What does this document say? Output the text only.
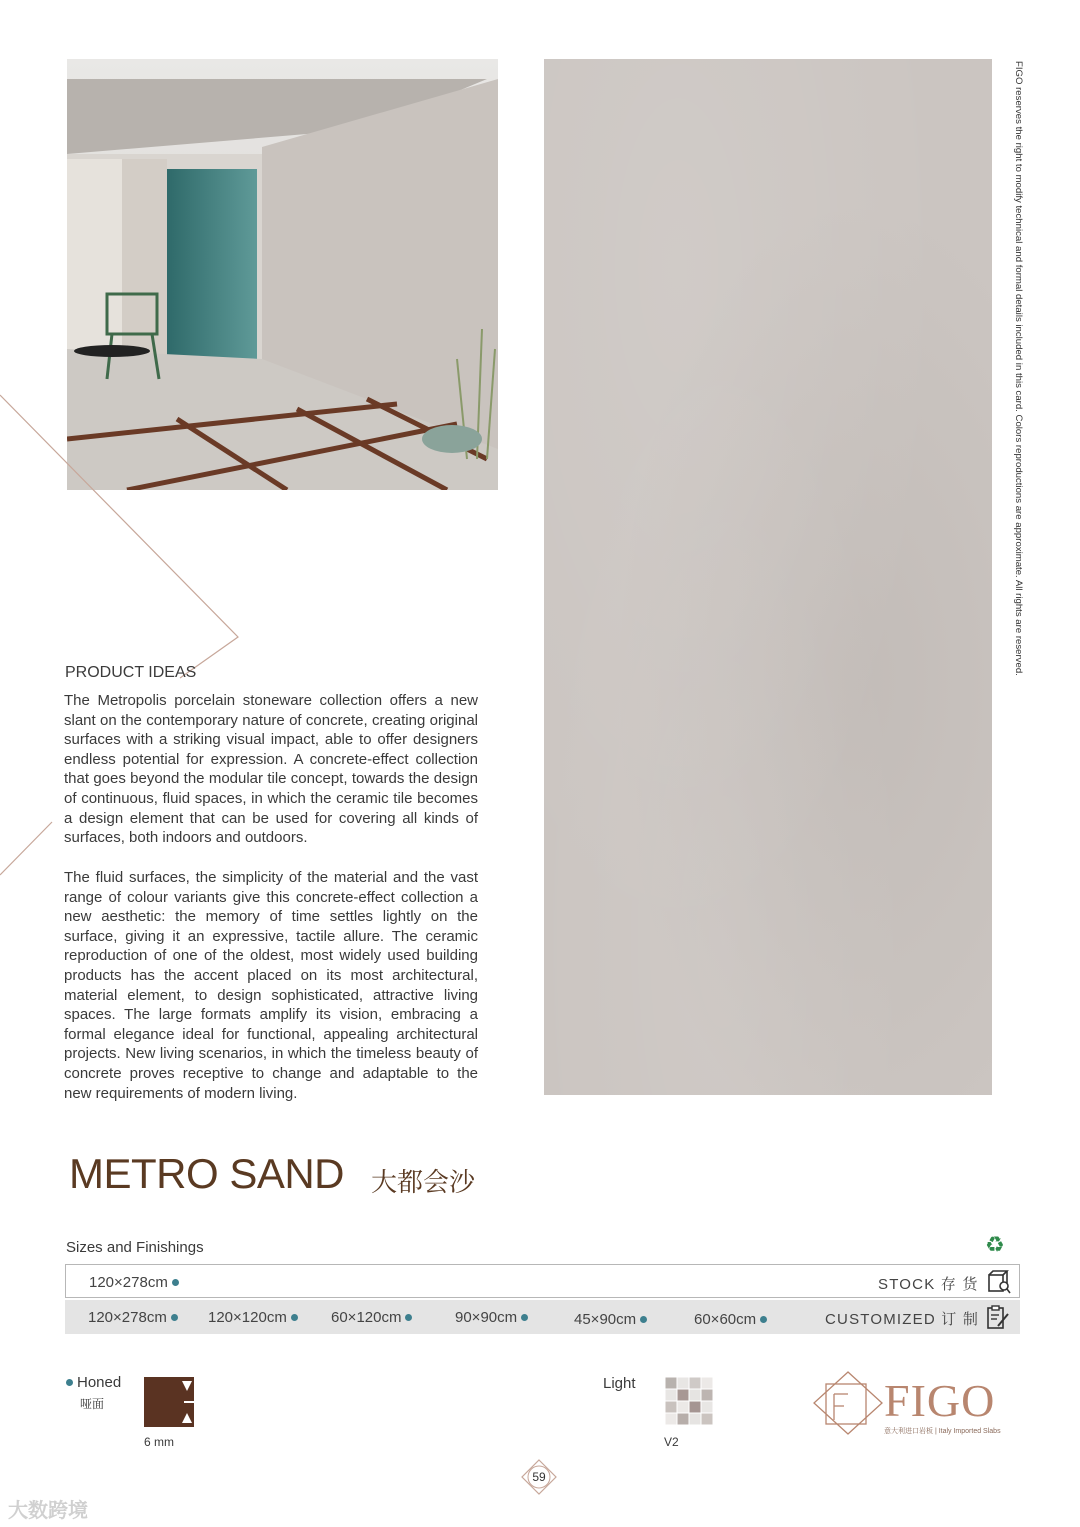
FIGO reserves the right to modify technical and formal details included in this card. Colors reproductions are approximate. All rights are reserved.
PRODUCT IDEAS
The Metropolis porcelain stoneware collection offers a new slant on the contemporary nature of concrete, creating original surfaces with a striking visual impact, able to offer designers endless potential for expression. A concrete-effect collection that goes beyond the modular tile concept, towards the design of continuous, fluid spaces, in which the ceramic tile becomes a design element that can be used for covering all kinds of surfaces, both indoors and outdoors.
The fluid surfaces, the simplicity of the material and the vast range of colour variants give this concrete-effect collection a new aesthetic: the memory of time settles lightly on the surface, giving it an expressive, tactile allure. The ceramic reproduction of one of the oldest, most widely used building products has the accent placed on its most architectural, material element, to design sophisticated, attractive living spaces. The large formats amplify its vision, embracing a formal elegance ideal for functional, appealing architectural projects. New living scenarios, in which the timeless beauty of concrete proves receptive to change and adaptable to the new requirements of modern living.
METRO SAND 大都会沙
Sizes and Finishings	♻
120×278cm	STOCK 存 货
120×278cm	120×120cm	60×120cm	90×90cm	45×90cm	60×60cm	CUSTOMIZED 订 制
Honed
哑面
6 mm
Light
V2
FIGO
意大利进口岩板 | Italy Imported Slabs
59
大数跨境
